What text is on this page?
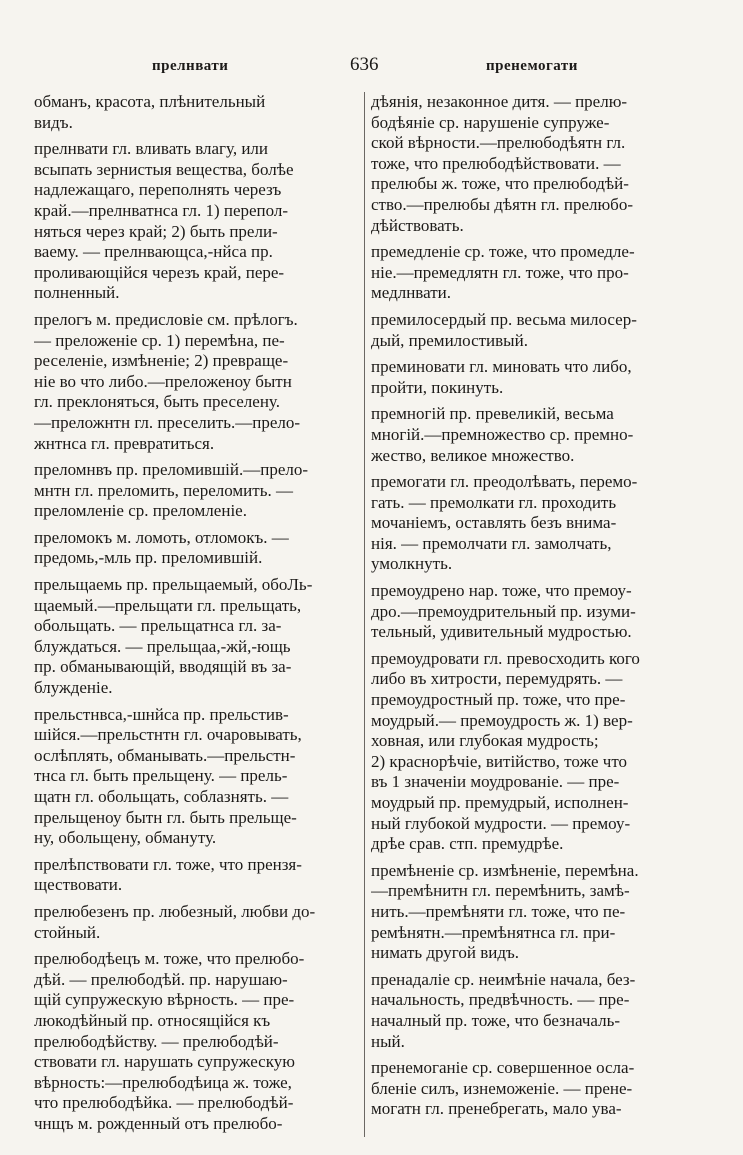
прелнвати	636	пренемогати
обманъ, красота, плѣнительный
видъ.
прелнвати гл. вливать влагу, или
всыпать зернистыя вещества, болѣе
надлежащаго, переполнять черезъ
край.—прелнватнса гл. 1) перепол-
няться через край; 2) быть прели-
ваему. — прелнвающса,-нйса пр.
проливающійся черезъ край, пере-
полненный.
прелогъ м. предисловіе см. прѣлогъ.
— преложеніе ср. 1) перемѣна, пе-
реселеніе, измѣненіе; 2) превраще-
ніе во что либо.—преложеноу бытн
гл. преклоняться, быть преселену.
—преложнтн гл. преселить.—прело-
жнтнса гл. превратиться.
преломнвъ пр. преломившій.—прело-
мнтн гл. преломить, переломить. —
преломленіе ср. преломленіе.
преломокъ м. ломоть, отломокъ. —
предомь,-мль пр. преломившій.
прельщаемь пр. прельщаемый, обоЛь-
щаемый.—прельщати гл. прельщать,
обольщать. — прельщатнса гл. за-
блуждаться. — прельщаа,-жй,-ющь
пр. обманывающій, вводящій въ за-
блужденіе.
прельстнвса,-шнйса пр. прельстив-
шійся.—прельстнтн гл. очаровывать,
ослѣплять, обманывать.—прельстн-
тнса гл. быть прельщену. — прель-
щатн гл. обольщать, соблазнять. —
прельщеноу бытн гл. быть прельще-
ну, обольщену, обмануту.
прелѣпствовати гл. тоже, что прензя-
ществовати.
прелюбезенъ пр. любезный, любви до-
стойный.
прелюбодѣецъ м. тоже, что прелюбо-
дѣй. — прелюбодѣй. пр. нарушаю-
щій супружескую вѣрность. — пре-
люкодѣйный пр. относящійся къ
прелюбодѣйству. — прелюбодѣй-
ствовати гл. нарушать супружескую
вѣрность:—прелюбодѣица ж. тоже,
что прелюбодѣйка. — прелюбодѣй-
чнщъ м. рожденный отъ прелюбо-
дѣянія, незаконное дитя. — прелю-
бодѣяніе ср. нарушеніе супруже-
ской вѣрности.—прелюбодѣятн гл.
тоже, что прелюбодѣйствовати. —
прелюбы ж. тоже, что прелюбодѣй-
ство.—прелюбы дѣятн гл. прелюбо-
дѣйствовать.
премедленіе ср. тоже, что промедле-
ніе.—премедлятн гл. тоже, что про-
медлнвати.
премилосердый пр. весьма милосер-
дый, премилостивый.
преминовати гл. миновать что либо,
пройти, покинуть.
премногій пр. превеликій, весьма
многій.—премножество ср. премно-
жество, великое множество.
премогати гл. преодолѣвать, перемо-
гать. — премолкати гл. проходить
мочаніемъ, оставлять безъ внима-
нія. — премолчати гл. замолчать,
умолкнуть.
премоудрено нар. тоже, что премоу-
дро.—премоудрительный пр. изуми-
тельный, удивительный мудростью.
премоудровати гл. превосходить кого
либо въ хитрости, перемудрять. —
премоудростный пр. тоже, что пре-
моудрый.— премоудрость ж. 1) вер-
ховная, или глубокая мудрость;
2) краснорѣчіе, витійство, тоже что
въ 1 значеніи моудрованіе. — пре-
моудрый пр. премудрый, исполнен-
ный глубокой мудрости. — премоу-
дрѣе срав. стп. премудрѣе.
премѣненіе ср. измѣненіе, перемѣна.
—премѣнитн гл. перемѣнить, замѣ-
нить.—премѣняти гл. тоже, что пе-
ремѣнятн.—премѣнятнса гл. при-
нимать другой видъ.
пренадаліе ср. неимѣніе начала, без-
начальность, предвѣчность. — пре-
началный пр. тоже, что безначаль-
ный.
пренемоганіе ср. совершенное осла-
бленіе силъ, изнеможеніе. — прене-
могатн гл. пренебрегать, мало ува-
